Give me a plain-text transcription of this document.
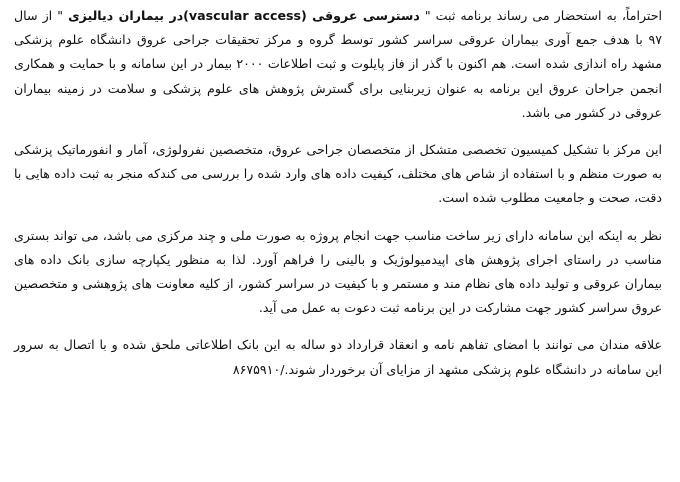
احتراماً، به استحضار می رساند برنامه ثبت " دسترسی عروقی (vascular access)در بیماران دیالیزی " از سال ۹۷ با هدف جمع آوری بیماران عروقی سراسر کشور توسط گروه و مرکز تحقیقات جراحی عروق دانشگاه علوم پزشکی مشهد راه اندازی شده است. هم اکنون با گذر از فاز پایلوت و ثبت اطلاعات ۲۰۰۰ بیمار در این سامانه و با حمایت و همکاری انجمن جراحان عروق این برنامه به عنوان زیربنایی برای گسترش پژوهش های علوم پزشکی و سلامت در زمینه بیماران عروقی در کشور می باشد.

این مرکز با تشکیل کمیسیون تخصصی متشکل از متخصصان جراحی عروق، متخصصین نفرولوژی، آمار و انفورماتیک پزشکی به صورت منظم و با استفاده از شاص های مختلف، کیفیت داده های وارد شده را بررسی می کندکه منجر به ثبت داده هایی با دقت، صحت و جامعیت مطلوب شده است.

نظر به اینکه این سامانه دارای زیر ساخت مناسب جهت انجام پروژه به صورت ملی و چند مرکزی می باشد، می تواند بستری مناسب در راستای اجرای پژوهش های اپیدمیولوژیک و بالینی را فراهم آورد. لذا به منظور یکپارچه سازی بانک داده های بیماران عروقی و تولید داده های نظام مند و مستمر و با کیفیت در سراسر کشور، از کلیه معاونت های پژوهشی و متخصصین عروق سراسر کشور جهت مشارکت در این برنامه ثبت دعوت به عمل می آید.

علاقه مندان می توانند با امضای تفاهم نامه و انعقاد قرارداد دو ساله به این بانک اطلاعاتی ملحق شده و با اتصال به سرور این سامانه در دانشگاه علوم پزشکی مشهد از مزایای آن برخوردار شوند./۸۶۷۵۹۱۰
